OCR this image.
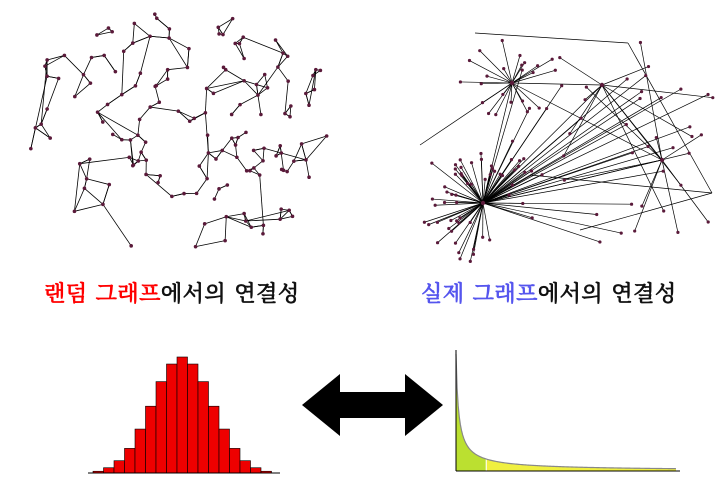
랜덤 그래프에서의 연결성	실제 그래프에서의 연결성
